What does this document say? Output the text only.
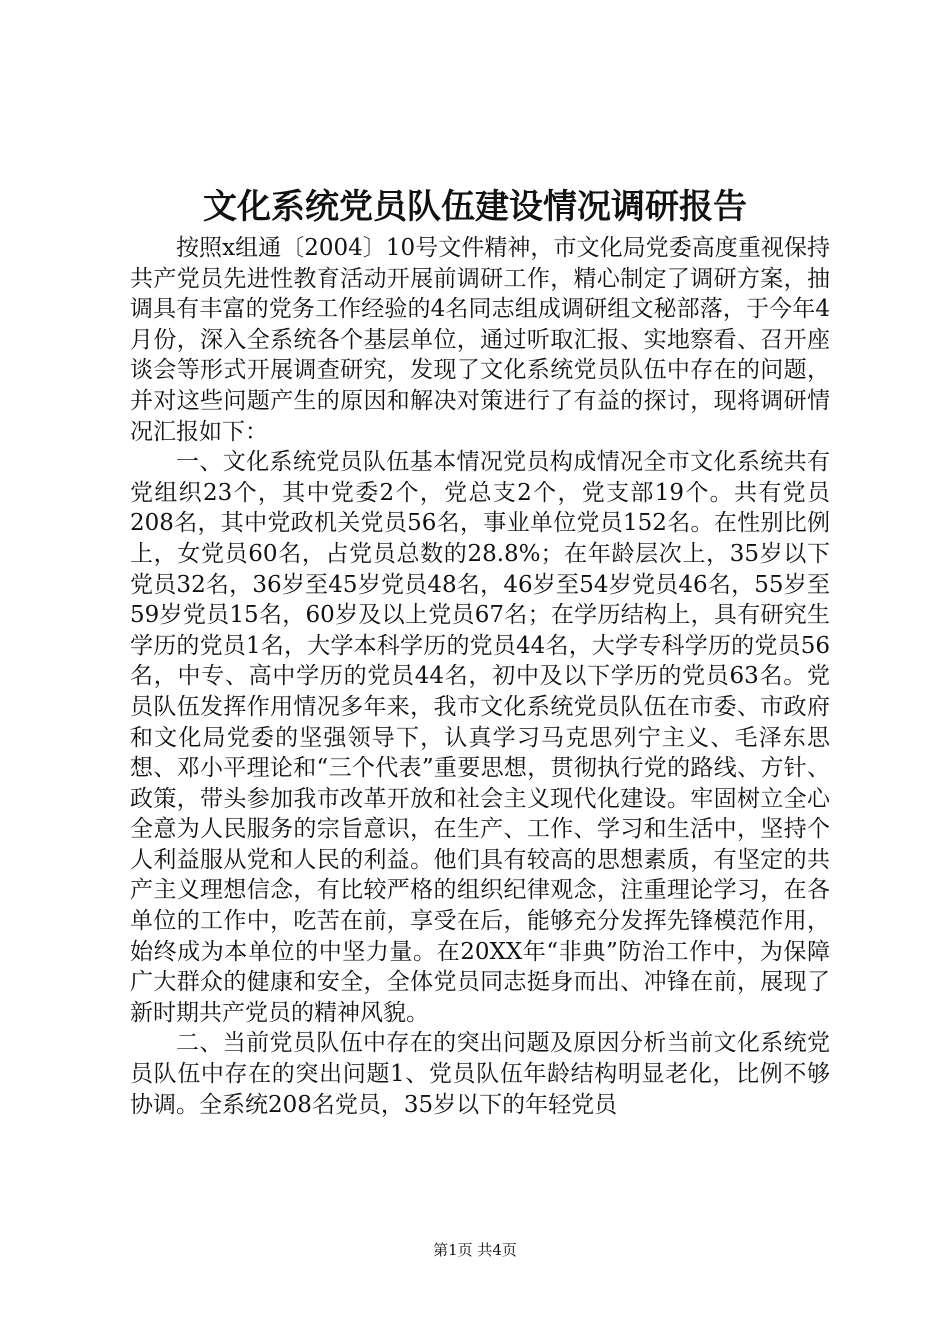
文化系统党员队伍建设情况调研报告

按照x组通〔2004〕10号文件精神，市文化局党委高度重视保持共产党员先进性教育活动开展前调研工作，精心制定了调研方案，抽调具有丰富的党务工作经验的4名同志组成调研组文秘部落，于今年4月份，深入全系统各个基层单位，通过听取汇报、实地察看、召开座谈会等形式开展调查研究，发现了文化系统党员队伍中存在的问题，并对这些问题产生的原因和解决对策进行了有益的探讨，现将调研情况汇报如下：

一、文化系统党员队伍基本情况党员构成情况全市文化系统共有党组织23个，其中党委2个，党总支2个，党支部19个。共有党员208名，其中党政机关党员56名，事业单位党员152名。在性别比例上，女党员60名，占党员总数的28.8%；在年龄层次上，35岁以下党员32名，36岁至45岁党员48名，46岁至54岁党员46名，55岁至59岁党员15名，60岁及以上党员67名；在学历结构上，具有研究生学历的党员1名，大学本科学历的党员44名，大学专科学历的党员56名，中专、高中学历的党员44名，初中及以下学历的党员63名。党员队伍发挥作用情况多年来，我市文化系统党员队伍在市委、市政府和文化局党委的坚强领导下，认真学习马克思列宁主义、毛泽东思想、邓小平理论和“三个代表”重要思想，贯彻执行党的路线、方针、政策，带头参加我市改革开放和社会主义现代化建设。牢固树立全心全意为人民服务的宗旨意识，在生产、工作、学习和生活中，坚持个人利益服从党和人民的利益。他们具有较高的思想素质，有坚定的共产主义理想信念，有比较严格的组织纪律观念，注重理论学习，在各单位的工作中，吃苦在前，享受在后，能够充分发挥先锋模范作用，始终成为本单位的中坚力量。在20XX年“非典”防治工作中，为保障广大群众的健康和安全，全体党员同志挺身而出、冲锋在前，展现了新时期共产党员的精神风貌。

二、当前党员队伍中存在的突出问题及原因分析当前文化系统党员队伍中存在的突出问题1、党员队伍年龄结构明显老化，比例不够协调。全系统208名党员，35岁以下的年轻党员

第1页 共4页
